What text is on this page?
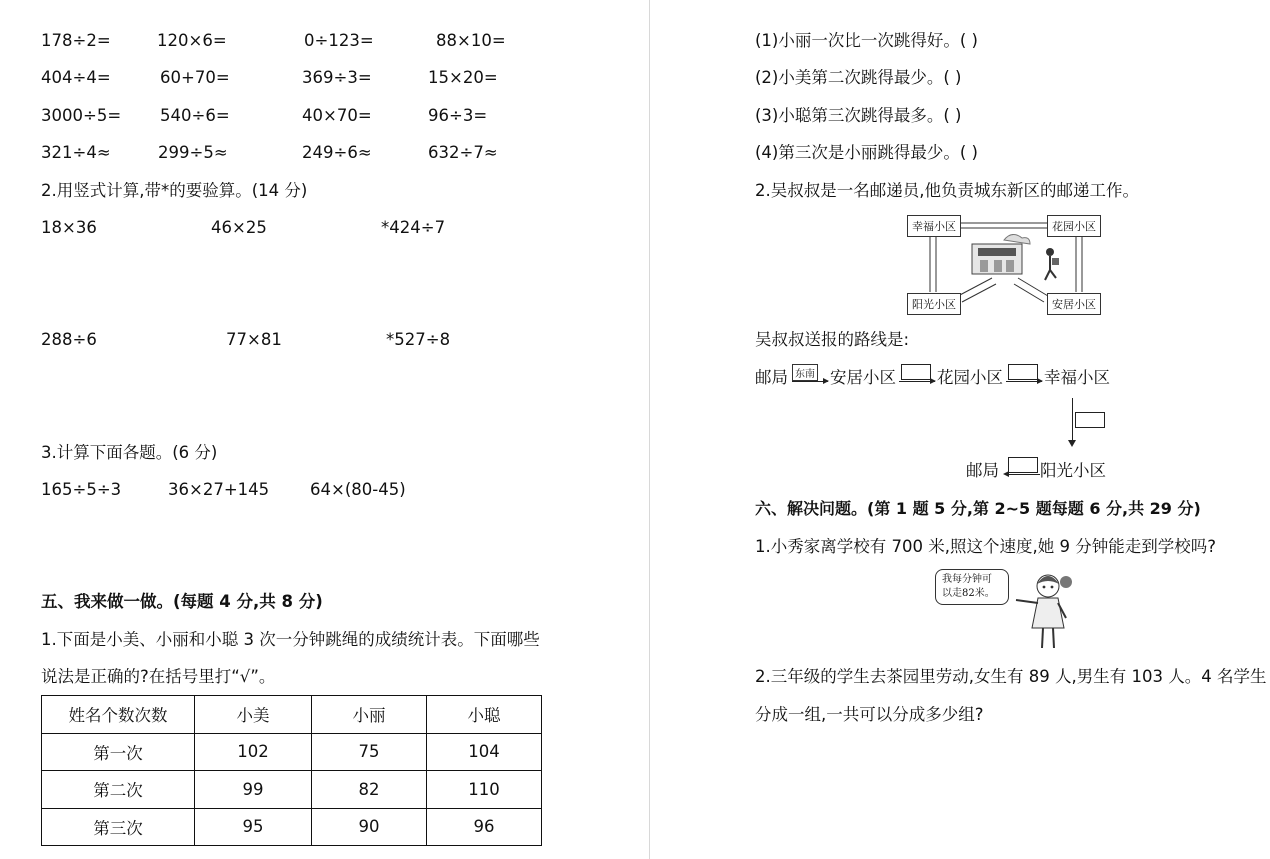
178÷2=	120×6=	0÷123=	88×10=
404÷4=	60+70=	369÷3=	15×20=
3000÷5= 540÷6=	40×70=	96÷3=
321÷4≈	299÷5≈	249÷6≈	632÷7≈
2.用竖式计算,带*的要验算。(14 分)
18×36	46×25	*424÷7
288÷6	77×81	*527÷8
3.计算下面各题。(6 分)
165÷5÷3	36×27+145 64×(80-45)
五、我来做一做。(每题 4 分,共 8 分)
1.下面是小美、小丽和小聪 3 次一分钟跳绳的成绩统计表。下面哪些
说法是正确的?在括号里打“√”。
姓名个数次数	小美	小丽	小聪
第一次	102	75	104
第二次	99	82	110
第三次	95	90	96
(1)小丽一次比一次跳得好。( )
(2)小美第二次跳得最少。( )
(3)小聪第三次跳得最多。( )
(4)第三次是小丽跳得最少。( )
2.吴叔叔是一名邮递员,他负责城东新区的邮递工作。
幸福小区	花园小区
阳光小区	安居小区
吴叔叔送报的路线是:
邮局 东南 安居小区 花园小区 幸福小区
邮局 阳光小区
六、解决问题。(第 1 题 5 分,第 2~5 题每题 6 分,共 29 分)
1.小秀家离学校有 700 米,照这个速度,她 9 分钟能走到学校吗?
我每分钟可
以走82米。
2.三年级的学生去茶园里劳动,女生有 89 人,男生有 103 人。4 名学生
分成一组,一共可以分成多少组?
